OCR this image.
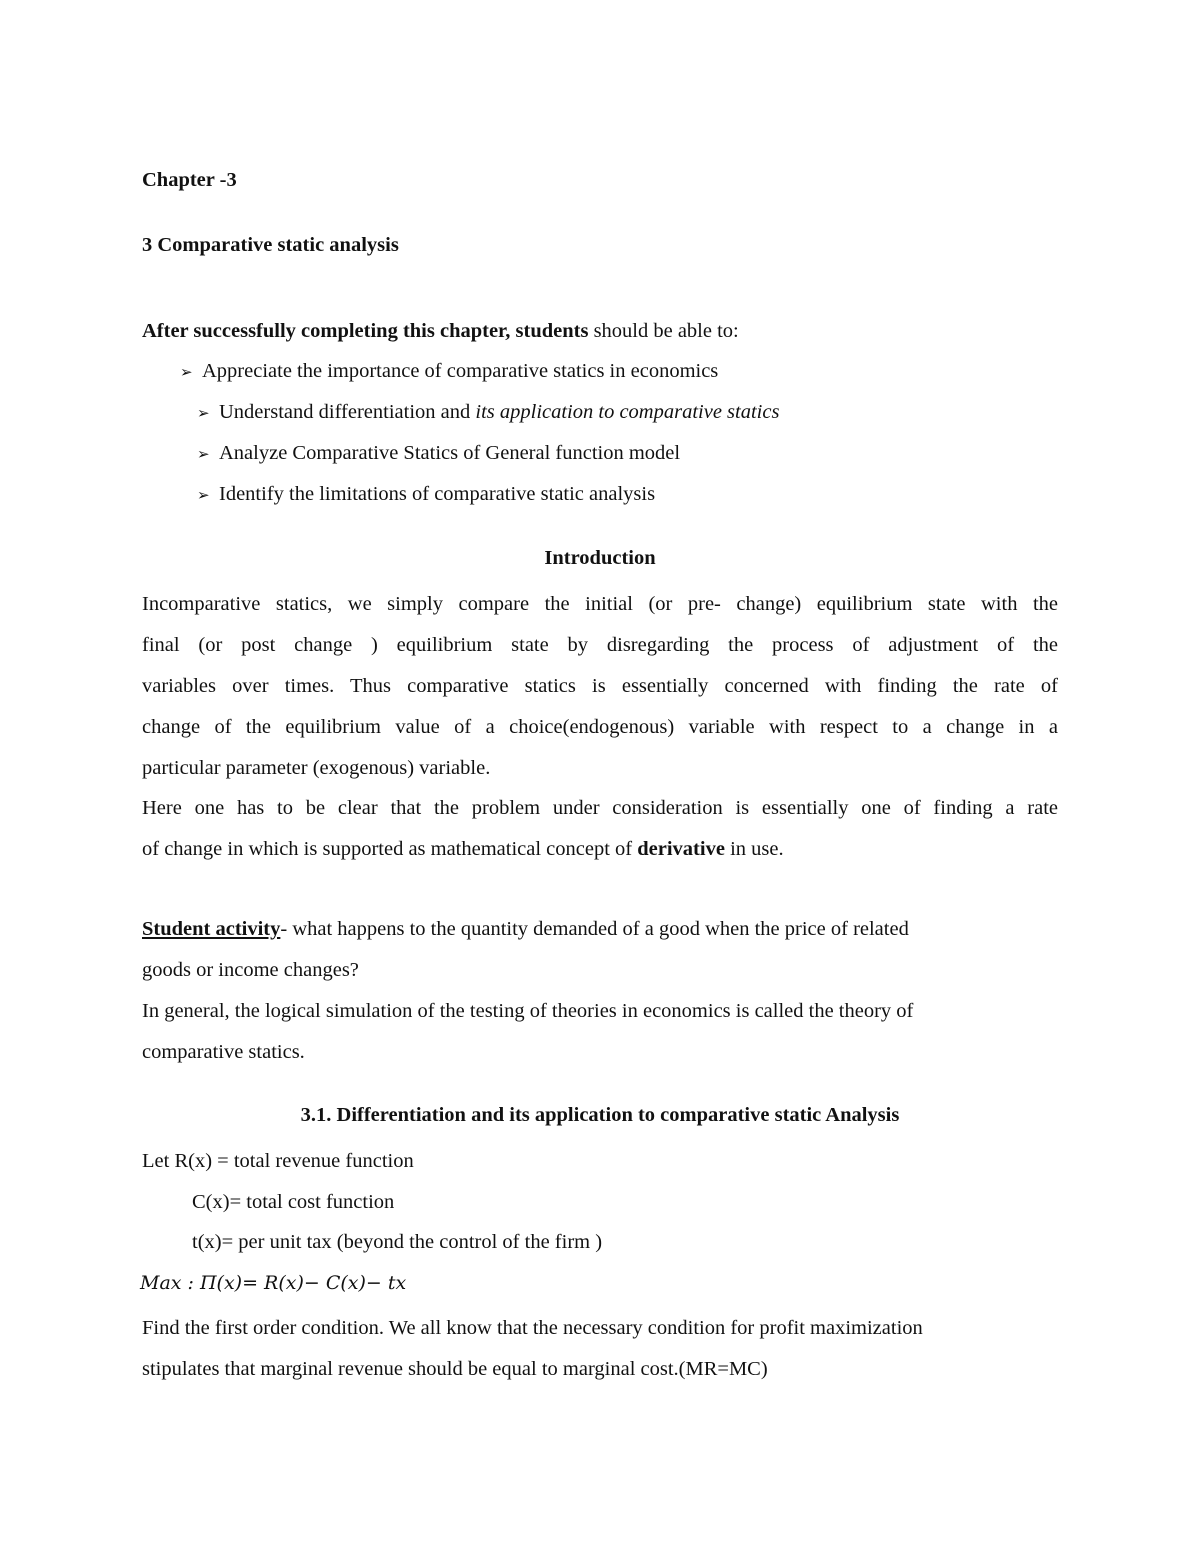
Chapter -3
3 Comparative static analysis
After successfully completing this chapter, students should be able to:
➢ Appreciate the importance of comparative statics in economics
➢ Understand differentiation and its application to comparative statics
➢ Analyze Comparative Statics of General function model
➢ Identify the limitations of comparative static analysis
Introduction
Incomparative statics, we simply compare the initial (or pre- change) equilibrium state with the
final (or post change ) equilibrium state by disregarding the process of adjustment of the
variables over times. Thus comparative statics is essentially concerned with finding the rate of
change of the equilibrium value of a choice(endogenous) variable with respect to a change in a
particular parameter (exogenous) variable.
Here one has to be clear that the problem under consideration is essentially one of finding a rate
of change in which is supported as mathematical concept of derivative in use.
Student activity- what happens to the quantity demanded of a good when the price of related
goods or income changes?
In general, the logical simulation of the testing of theories in economics is called the theory of
comparative statics.
3.1. Differentiation and its application to comparative static Analysis
Let R(x) = total revenue function
C(x)= total cost function
t(x)= per unit tax (beyond the control of the firm )
Max : Π(x)= R(x)− C(x)− tx
Find the first order condition. We all know that the necessary condition for profit maximization
stipulates that marginal revenue should be equal to marginal cost.(MR=MC)
